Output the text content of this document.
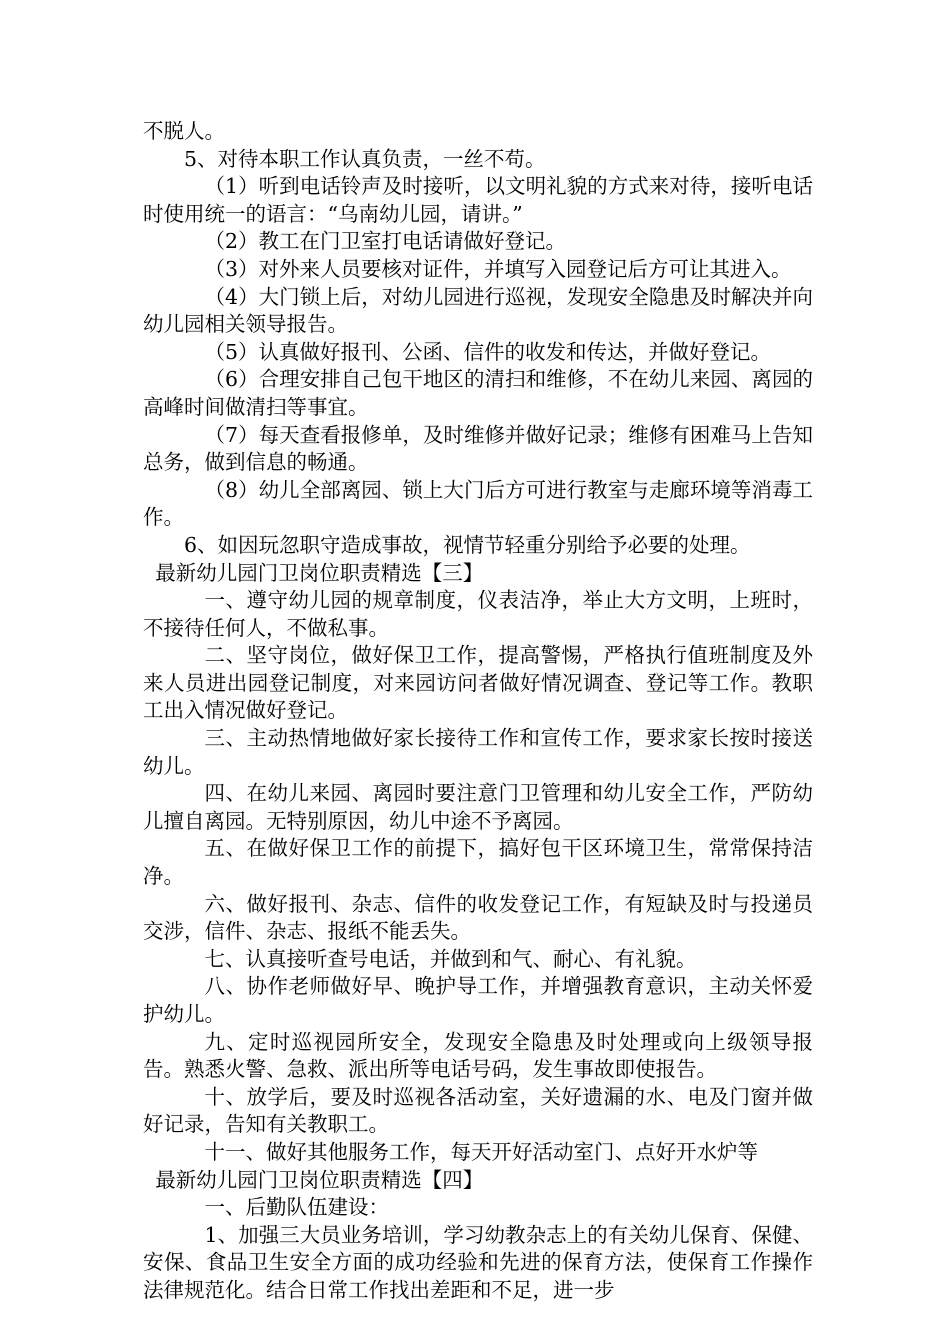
不脱人。

5、对待本职工作认真负责，一丝不苟。

（1）听到电话铃声及时接听，以文明礼貌的方式来对待，接听电话时使用统一的语言：“乌南幼儿园，请讲。”

（2）教工在门卫室打电话请做好登记。

（3）对外来人员要核对证件，并填写入园登记后方可让其进入。

（4）大门锁上后，对幼儿园进行巡视，发现安全隐患及时解决并向幼儿园相关领导报告。

（5）认真做好报刊、公函、信件的收发和传达，并做好登记。

（6）合理安排自己包干地区的清扫和维修，不在幼儿来园、离园的高峰时间做清扫等事宜。

（7）每天查看报修单，及时维修并做好记录；维修有困难马上告知总务，做到信息的畅通。

（8）幼儿全部离园、锁上大门后方可进行教室与走廊环境等消毒工作。

6、如因玩忽职守造成事故，视情节轻重分别给予必要的处理。

最新幼儿园门卫岗位职责精选【三】

一、遵守幼儿园的规章制度，仪表洁净，举止大方文明，上班时，不接待任何人，不做私事。

二、坚守岗位，做好保卫工作，提高警惕，严格执行值班制度及外来人员进出园登记制度，对来园访问者做好情况调查、登记等工作。教职工出入情况做好登记。

三、主动热情地做好家长接待工作和宣传工作，要求家长按时接送幼儿。

四、在幼儿来园、离园时要注意门卫管理和幼儿安全工作，严防幼儿擅自离园。无特别原因，幼儿中途不予离园。

五、在做好保卫工作的前提下，搞好包干区环境卫生，常常保持洁净。

六、做好报刊、杂志、信件的收发登记工作，有短缺及时与投递员交涉，信件、杂志、报纸不能丢失。

七、认真接听查号电话，并做到和气、耐心、有礼貌。

八、协作老师做好早、晚护导工作，并增强教育意识，主动关怀爱护幼儿。

九、定时巡视园所安全，发现安全隐患及时处理或向上级领导报告。熟悉火警、急救、派出所等电话号码，发生事故即使报告。

十、放学后，要及时巡视各活动室，关好遗漏的水、电及门窗并做好记录，告知有关教职工。

十一、做好其他服务工作，每天开好活动室门、点好开水炉等

最新幼儿园门卫岗位职责精选【四】

一、后勤队伍建设：

1、加强三大员业务培训，学习幼教杂志上的有关幼儿保育、保健、安保、食品卫生安全方面的成功经验和先进的保育方法，使保育工作操作法律规范化。结合日常工作找出差距和不足，进一步
